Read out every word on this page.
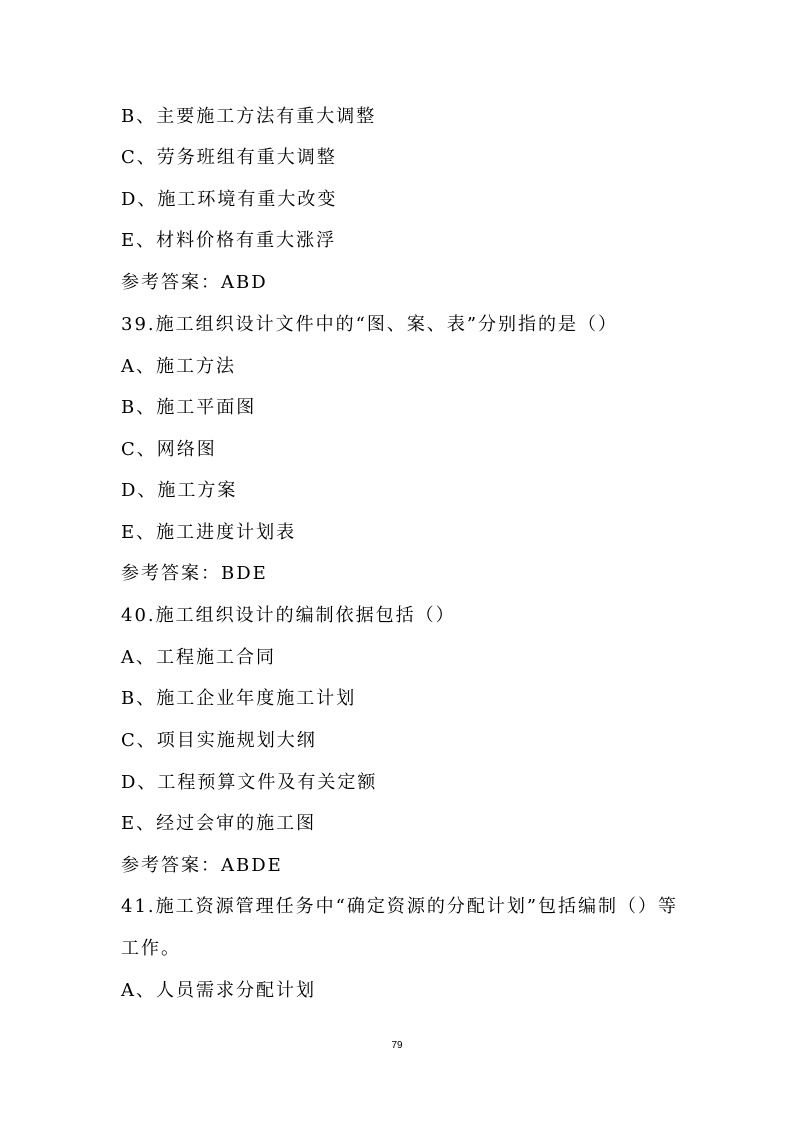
B、主要施工方法有重大调整
C、劳务班组有重大调整
D、施工环境有重大改变
E、材料价格有重大涨浮
参考答案：ABD
39.施工组织设计文件中的“图、案、表”分别指的是（）
A、施工方法
B、施工平面图
C、网络图
D、施工方案
E、施工进度计划表
参考答案：BDE
40.施工组织设计的编制依据包括（）
A、工程施工合同
B、施工企业年度施工计划
C、项目实施规划大纲
D、工程预算文件及有关定额
E、经过会审的施工图
参考答案：ABDE
41.施工资源管理任务中“确定资源的分配计划”包括编制（）等
工作。
A、人员需求分配计划
79
